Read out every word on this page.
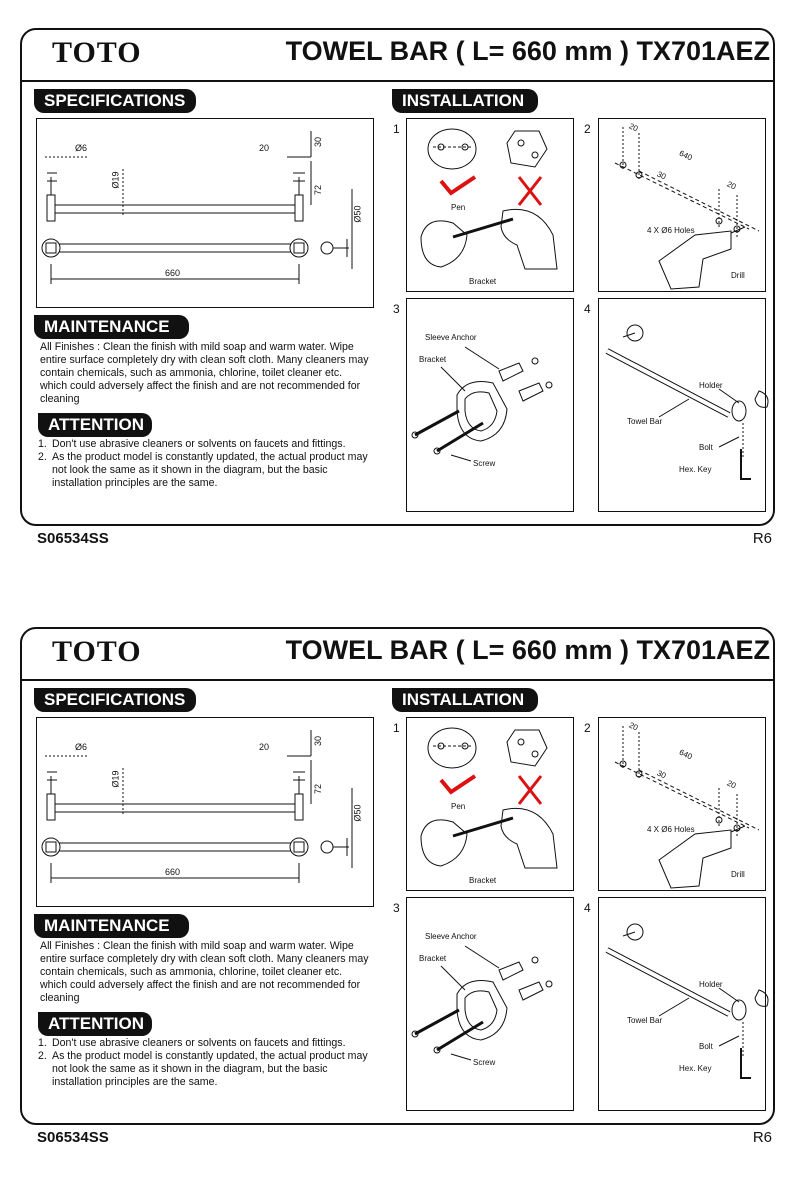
TOTO	TOWEL BAR ( L= 660 mm ) TX701AEZ
SPECIFICATIONS	INSTALLATION
Ø6
Ø19
20
30
72
Ø50
660
MAINTENANCE
All Finishes : Clean the finish with mild soap and warm water. Wipe entire surface completely dry with clean soft cloth. Many cleaners may contain chemicals, such as ammonia, chlorine, toilet cleaner etc. which could adversely affect the finish and are not recommended for cleaning
ATTENTION
1. Don't use abrasive cleaners or solvents on faucets and fittings.
2. As the product model is constantly updated, the actual product may not look the same as it shown in the diagram, but the basic installation principles are the same.
1	2
3	4
Pen
Bracket
20
640
30
20
4 X Ø6 Holes
Drill
Sleeve Anchor
Bracket
Screw
Holder
Towel Bar
Bolt
Hex. Key
S06534SS	R6
TOTO	TOWEL BAR ( L= 660 mm ) TX701AEZ
SPECIFICATIONS	INSTALLATION
Ø6
Ø19
20
30
72
Ø50
660
MAINTENANCE
All Finishes : Clean the finish with mild soap and warm water. Wipe entire surface completely dry with clean soft cloth. Many cleaners may contain chemicals, such as ammonia, chlorine, toilet cleaner etc. which could adversely affect the finish and are not recommended for cleaning
ATTENTION
1. Don't use abrasive cleaners or solvents on faucets and fittings.
2. As the product model is constantly updated, the actual product may not look the same as it shown in the diagram, but the basic installation principles are the same.
1	2
3	4
Pen
Bracket
20
640
30
20
4 X Ø6 Holes
Drill
Sleeve Anchor
Bracket
Screw
Holder
Towel Bar
Bolt
Hex. Key
S06534SS	R6
